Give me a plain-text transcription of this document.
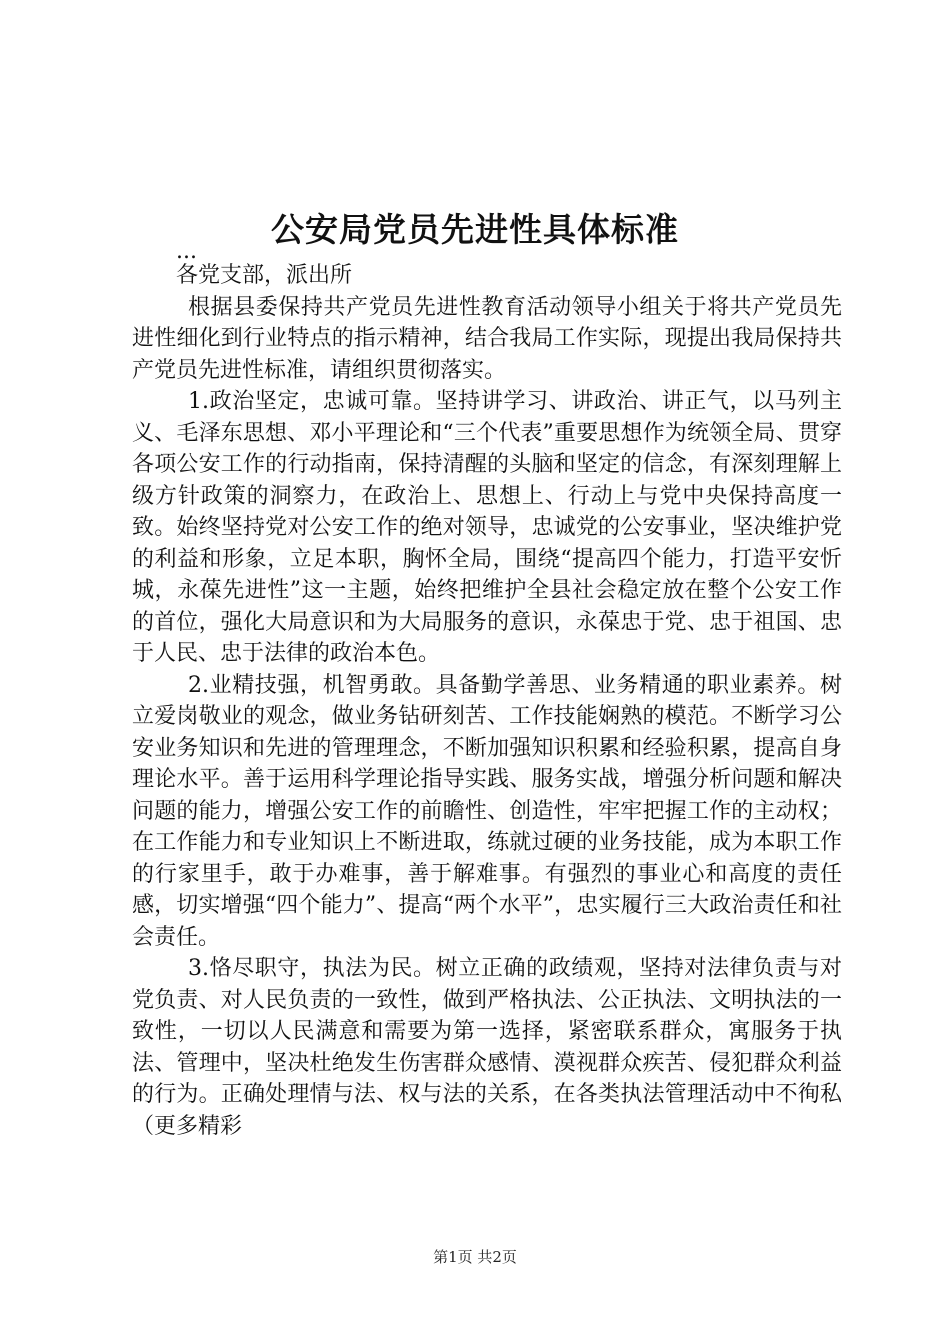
公安局党员先进性具体标准

...

各党支部，派出所

根据县委保持共产党员先进性教育活动领导小组关于将共产党员先进性细化到行业特点的指示精神，结合我局工作实际，现提出我局保持共产党员先进性标准，请组织贯彻落实。

1.政治坚定，忠诚可靠。坚持讲学习、讲政治、讲正气，以马列主义、毛泽东思想、邓小平理论和“三个代表”重要思想作为统领全局、贯穿各项公安工作的行动指南，保持清醒的头脑和坚定的信念，有深刻理解上级方针政策的洞察力，在政治上、思想上、行动上与党中央保持高度一致。始终坚持党对公安工作的绝对领导，忠诚党的公安事业，坚决维护党的利益和形象，立足本职，胸怀全局，围绕“提高四个能力，打造平安忻城，永葆先进性”这一主题，始终把维护全县社会稳定放在整个公安工作的首位，强化大局意识和为大局服务的意识，永葆忠于党、忠于祖国、忠于人民、忠于法律的政治本色。

2.业精技强，机智勇敢。具备勤学善思、业务精通的职业素养。树立爱岗敬业的观念，做业务钻研刻苦、工作技能娴熟的模范。不断学习公安业务知识和先进的管理理念，不断加强知识积累和经验积累，提高自身理论水平。善于运用科学理论指导实践、服务实战，增强分析问题和解决问题的能力，增强公安工作的前瞻性、创造性，牢牢把握工作的主动权；在工作能力和专业知识上不断进取，练就过硬的业务技能，成为本职工作的行家里手，敢于办难事，善于解难事。有强烈的事业心和高度的责任感，切实增强“四个能力”、提高“两个水平”，忠实履行三大政治责任和社会责任。

3.恪尽职守，执法为民。树立正确的政绩观，坚持对法律负责与对党负责、对人民负责的一致性，做到严格执法、公正执法、文明执法的一致性，一切以人民满意和需要为第一选择，紧密联系群众，寓服务于执法、管理中，坚决杜绝发生伤害群众感情、漠视群众疾苦、侵犯群众利益的行为。正确处理情与法、权与法的关系，在各类执法管理活动中不徇私（更多精彩

第1页 共2页
